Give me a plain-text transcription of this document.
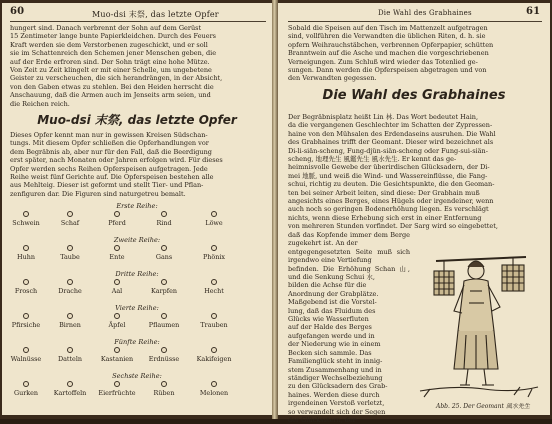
60	Muo-dsi 末祭, das letzte Opfer
hungert sind. Danach verbrennt der Sohn auf dem Gerüst
15 Zentimeter lange bunte Papierkleidchen. Durch des Feuers
Kraft werden sie dem Verstorbenen zugeschickt, und er soll
sie im Schattenreich den Schemen jener Menschen geben, die
auf der Erde erfroren sind. Der Sohn trägt eine hohe Mütze.
Von Zeit zu Zeit klingelt er mit einer Schelle, um ungebetene
Geister zu verscheuchen, die sich herandrängen, in der Absicht,
von den Gaben etwas zu stehlen. Bei den Heiden herrscht die
Anschauung, daß die Armen auch im Jenseits arm seien, und
die Reichen reich.
Muo-dsi 末祭, das letzte Opfer
Dieses Opfer kennt man nur in gewissen Kreisen Südschan-
tungs. Mit diesem Opfer schließen die Opferhandlungen vor
dem Begräbnis ab, aber nur für den Fall, daß die Beerdigung
erst später, nach Monaten oder Jahren erfolgen wird. Für dieses
Opfer werden sechs Reihen Opferspeisen aufgetragen. Jede
Reihe weist fünf Gerichte auf. Die Opferspeisen bestehen alle
aus Mehlteig. Dieser ist geformt und stellt Tier- und Pflan-
zenfiguren dar. Die Figuren sind naturgetreu bemalt.
Erste Reihe:
Schwein	Schaf	Pferd	Rind	Löwe
Zweite Reihe:
Huhn	Taube	Ente	Gans	Phönix
Dritte Reihe:
Frosch	Drache	Aal	Karpfen	Hecht
Vierte Reihe:
Pfirsiche	Birnen	Äpfel	Pflaumen	Trauben
Fünfte Reihe:
Walnüsse	Datteln	Kastanien	Erdnüsse	Kakifeigen
Sechste Reihe:
Gurken	Kartoffeln	Eierfrüchte	Rüben	Melonen
Die Wahl des Grabhaines	61
Sobald die Speisen auf den Tisch im Mattenzelt aufgetragen
sind, vollführen die Verwandten die üblichen Riten, d. h. sie
opfern Weihrauchstäbchen, verbrennen Opferpapier, schütten
Branntwein auf die Asche und machen die vorgeschriebenen
Verneigungen. Zum Schluß wird wieder das Totenlied ge-
sungen. Dann werden die Opferspeisen abgetragen und von
den Verwandten gegessen.
Die Wahl des Grabhaines
Der Begräbnisplatz heißt Lin 林. Das Wort bedeutet Hain,
da die vergangenen Geschlechter im Schatten der Zypressen-
haine von den Mühsalen des Erdendaseins ausruhen. Die Wahl
des Grabhaines trifft der Geomant. Dieser wird bezeichnet als
Di-li-siän-scheng, Fung-djün-siän-scheng oder Fung-sui-siän-
scheng, 地理先生 風鑑先生 風水先生. Er kennt das ge-
heimnisvolle Gewebe der überirdischen Glücksadern, der Di-
mei 地脈, und weiß die Wind- und Wassereinflüsse, die Fang-
schui, richtig zu deuten. Die Gesichtspunkte, die den Geoman-
ten bei seiner Arbeit leiten, sind diese: Der Grabhain muß
angesichts eines Berges, eines Hügels oder irgendeiner, wenn
auch noch so geringen Bodenerhöhung liegen. Es verschlägt
nichts, wenn diese Erhebung sich erst in einer Entfernung
von mehreren Stunden vorfindet. Der Sarg wird so eingebettet,
daß das Kopfende immer dem Berge zugekehrt ist. An der
entgegengesetzten Seite muß sich irgendwo eine Vertiefung
befinden. Die Erhöhung Schan 山, und die Senkung Schui 水,
bilden die Achse für die
Anordnung der Grabplätze.
Maßgebend ist die Vorstel-
lung, daß das Fluidum des
Glücks wie Wasserfluten
auf der Halde des Berges
aufgefangen werde und in
der Niederung wie in einem
Becken sich sammle. Das
Familienglück steht in innig-
stem Zusammenhang und in
ständiger Wechselbeziehung
zu den Glücksadern des Grab-
haines. Werden diese durch
irgendeinen Verstoß verletzt,
so verwandelt sich der Segen
der Glücksstern, der
Abb. 25. Der Geomant 風水先生
